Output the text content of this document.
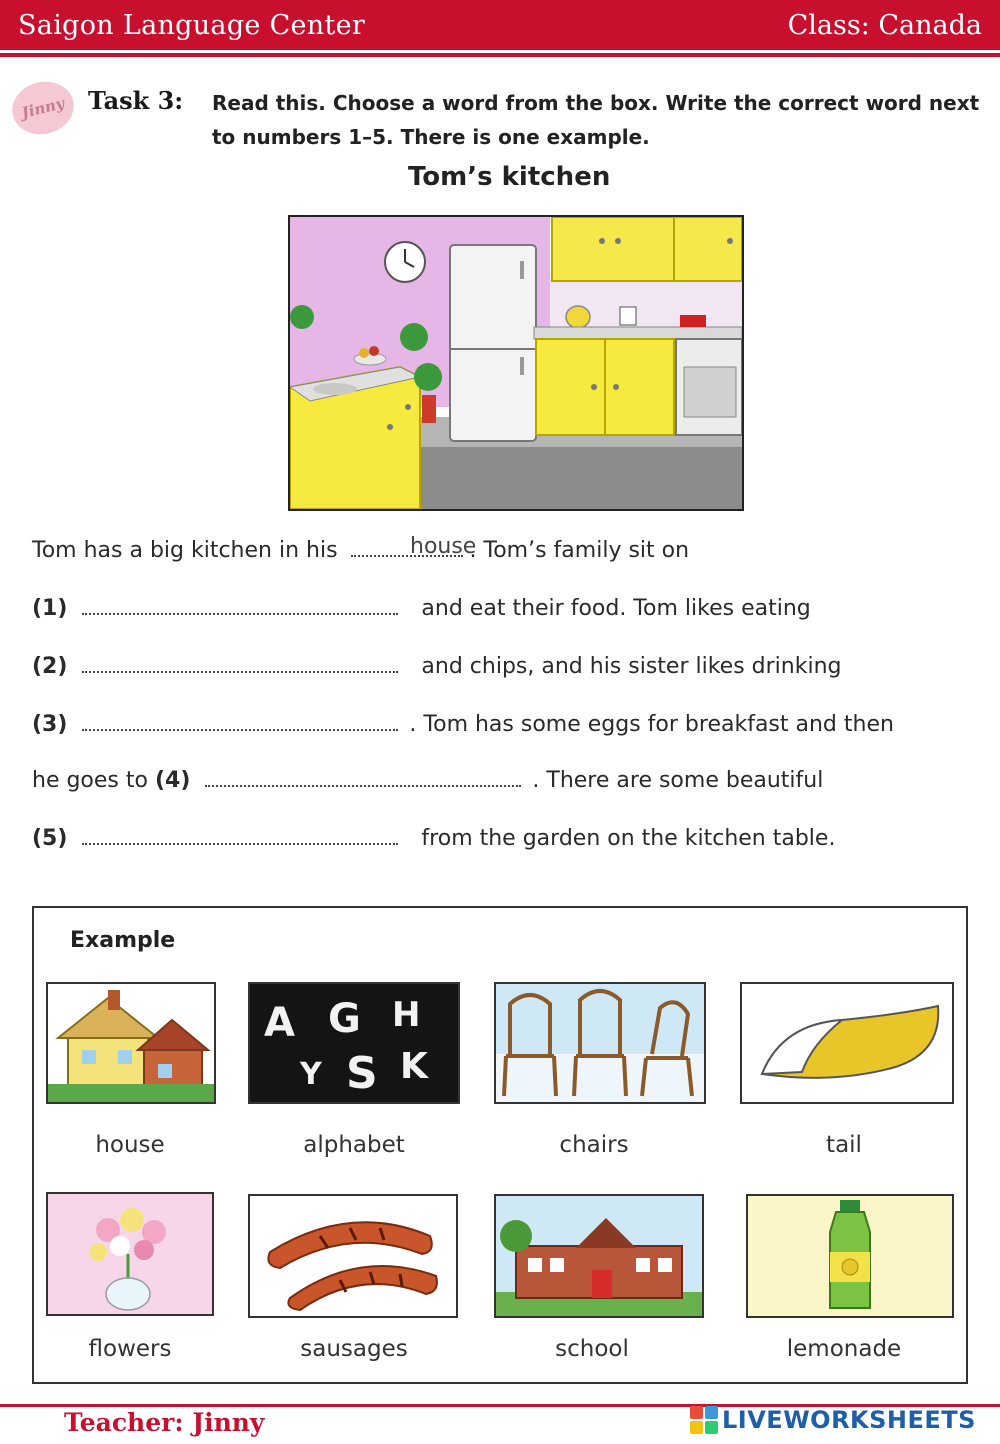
Saigon Language Center	Class: Canada
Jinny Task 3: Read this. Choose a word from the box. Write the correct word next to numbers 1–5. There is one example.
Tom’s kitchen
Tom has a big kitchen in his	. Tom’s family sit on
house
(1)	and eat their food. Tom likes eating
(2)	and chips, and his sister likes drinking
(3)	. Tom has some eggs for breakfast and then
he goes to (4)	. There are some beautiful
(5)	from the garden on the kitchen table.
Example
A G H
Y S K
house	alphabet	chairs	tail
flowers	sausages	school	lemonade
Teacher: Jinny	LIVEWORKSHEETS
